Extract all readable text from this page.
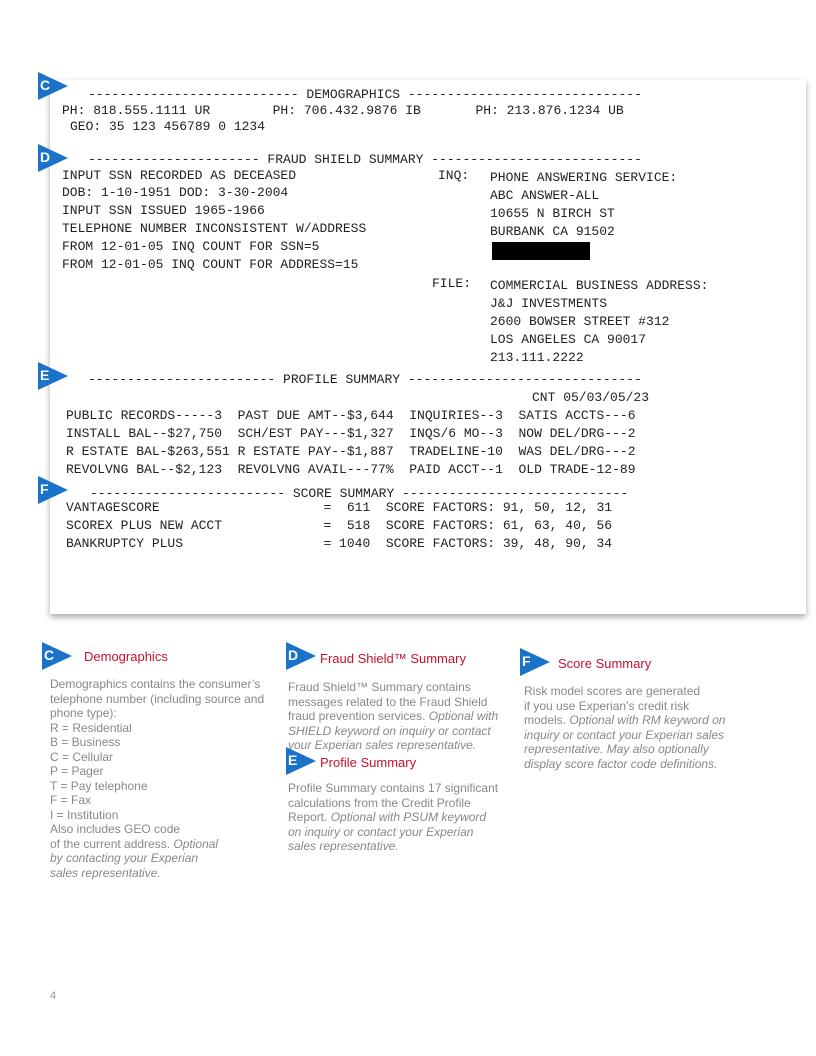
--------------------------- DEMOGRAPHICS ------------------------------
PH: 818.555.1111 UR        PH: 706.432.9876 IB       PH: 213.876.1234 UB
GEO: 35 123 456789 0 1234
---------------------- FRAUD SHIELD SUMMARY ---------------------------
INPUT SSN RECORDED AS DECEASED
DOB: 1-10-1951 DOD: 3-30-2004
INPUT SSN ISSUED 1965-1966
TELEPHONE NUMBER INCONSISTENT W/ADDRESS
FROM 12-01-05 INQ COUNT FOR SSN=5
FROM 12-01-05 INQ COUNT FOR ADDRESS=15
INQ: PHONE ANSWERING SERVICE:
ABC ANSWER-ALL
10655 N BIRCH ST
BURBANK CA 91502
FILE: COMMERCIAL BUSINESS ADDRESS:
J&J INVESTMENTS
2600 BOWSER STREET #312
LOS ANGELES CA 90017
213.111.2222
------------------------ PROFILE SUMMARY ------------------------------
CNT 05/03/05/23
PUBLIC RECORDS-----3  PAST DUE AMT--$3,644  INQUIRIES--3  SATIS ACCTS---6
INSTALL BAL--$27,750  SCH/EST PAY---$1,327  INQS/6 MO--3  NOW DEL/DRG---2
R ESTATE BAL-$263,551 R ESTATE PAY--$1,887  TRADELINE-10  WAS DEL/DRG---2
REVOLVNG BAL--$2,123  REVOLVNG AVAIL---77%  PAID ACCT--1  OLD TRADE-12-89
------------------------- SCORE SUMMARY -----------------------------
VANTAGESCORE                     =  611  SCORE FACTORS: 91, 50, 12, 31
SCOREX PLUS NEW ACCT             =  518  SCORE FACTORS: 61, 63, 40, 56
BANKRUPTCY PLUS                  = 1040  SCORE FACTORS: 39, 48, 90, 34
C
D
E
F
C Demographics
Demographics contains the consumer’s
telephone number (including source and
phone type):
R = Residential
B = Business
C = Cellular
P = Pager
T = Pay telephone
F = Fax
I = Institution
Also includes GEO code
of the current address. Optional
by contacting your Experian
sales representative.
D Fraud Shield™ Summary
Fraud Shield™ Summary contains
messages related to the Fraud Shield
fraud prevention services. Optional with
SHIELD keyword on inquiry or contact
your Experian sales representative.
E Profile Summary
Profile Summary contains 17 significant
calculations from the Credit Profile
Report. Optional with PSUM keyword
on inquiry or contact your Experian
sales representative.
F Score Summary
Risk model scores are generated
if you use Experian’s credit risk
models. Optional with RM keyword on
inquiry or contact your Experian sales
representative. May also optionally
display score factor code definitions.
4
